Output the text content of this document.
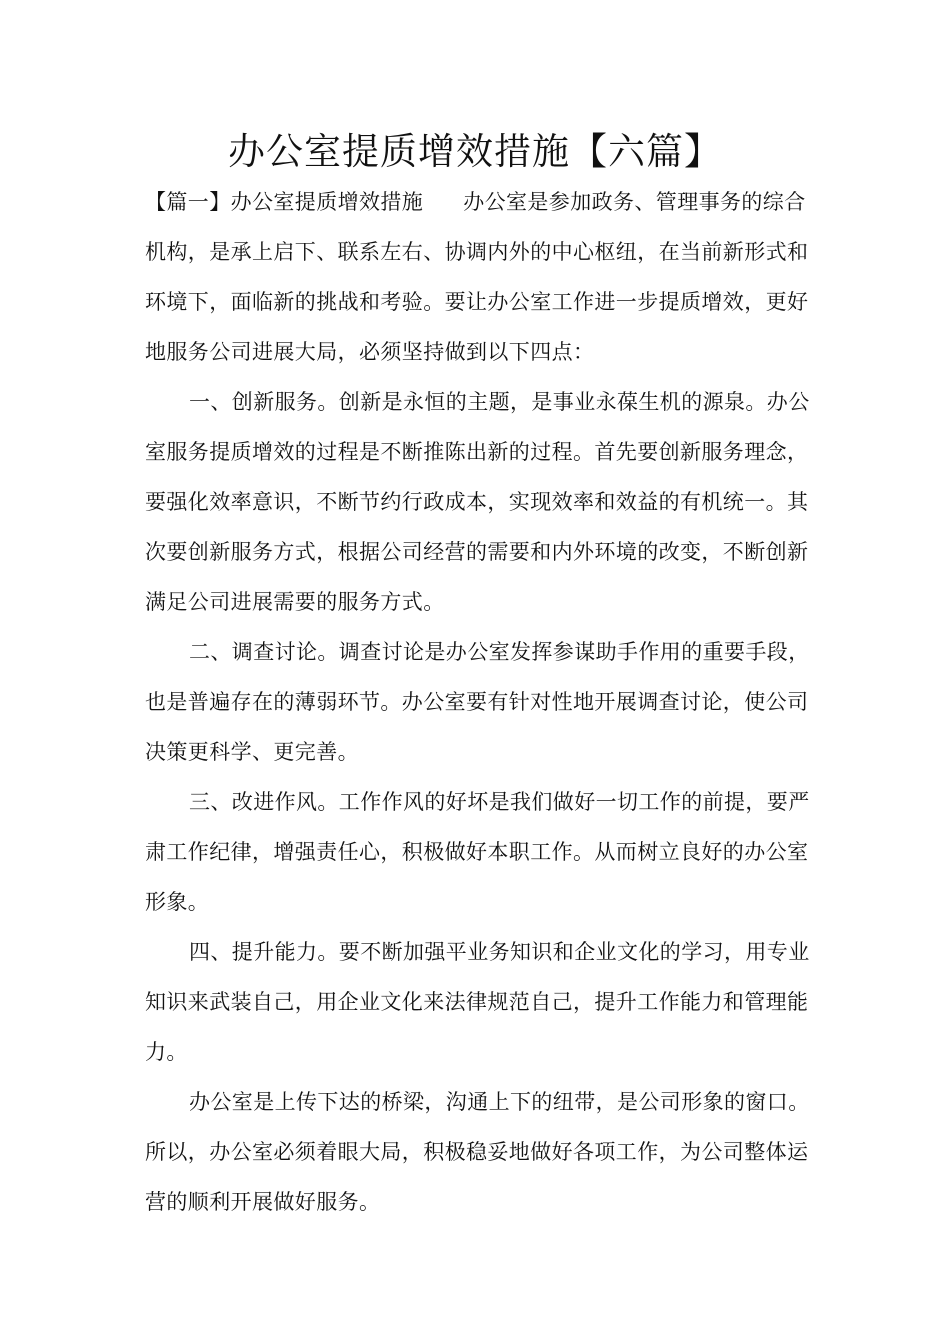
办公室提质增效措施【六篇】

【篇一】办公室提质增效措施 办公室是参加政务、管理事务的综合机构，是承上启下、联系左右、协调内外的中心枢纽，在当前新形式和环境下，面临新的挑战和考验。要让办公室工作进一步提质增效，更好地服务公司进展大局，必须坚持做到以下四点：

一、创新服务。创新是永恒的主题，是事业永葆生机的源泉。办公室服务提质增效的过程是不断推陈出新的过程。首先要创新服务理念，要强化效率意识，不断节约行政成本，实现效率和效益的有机统一。其次要创新服务方式，根据公司经营的需要和内外环境的改变，不断创新满足公司进展需要的服务方式。

二、调查讨论。调查讨论是办公室发挥参谋助手作用的重要手段，也是普遍存在的薄弱环节。办公室要有针对性地开展调查讨论，使公司决策更科学、更完善。

三、改进作风。工作作风的好坏是我们做好一切工作的前提，要严肃工作纪律，增强责任心，积极做好本职工作。从而树立良好的办公室形象。

四、提升能力。要不断加强平业务知识和企业文化的学习，用专业知识来武装自己，用企业文化来法律规范自己，提升工作能力和管理能力。

办公室是上传下达的桥梁，沟通上下的纽带，是公司形象的窗口。所以，办公室必须着眼大局，积极稳妥地做好各项工作，为公司整体运营的顺利开展做好服务。
